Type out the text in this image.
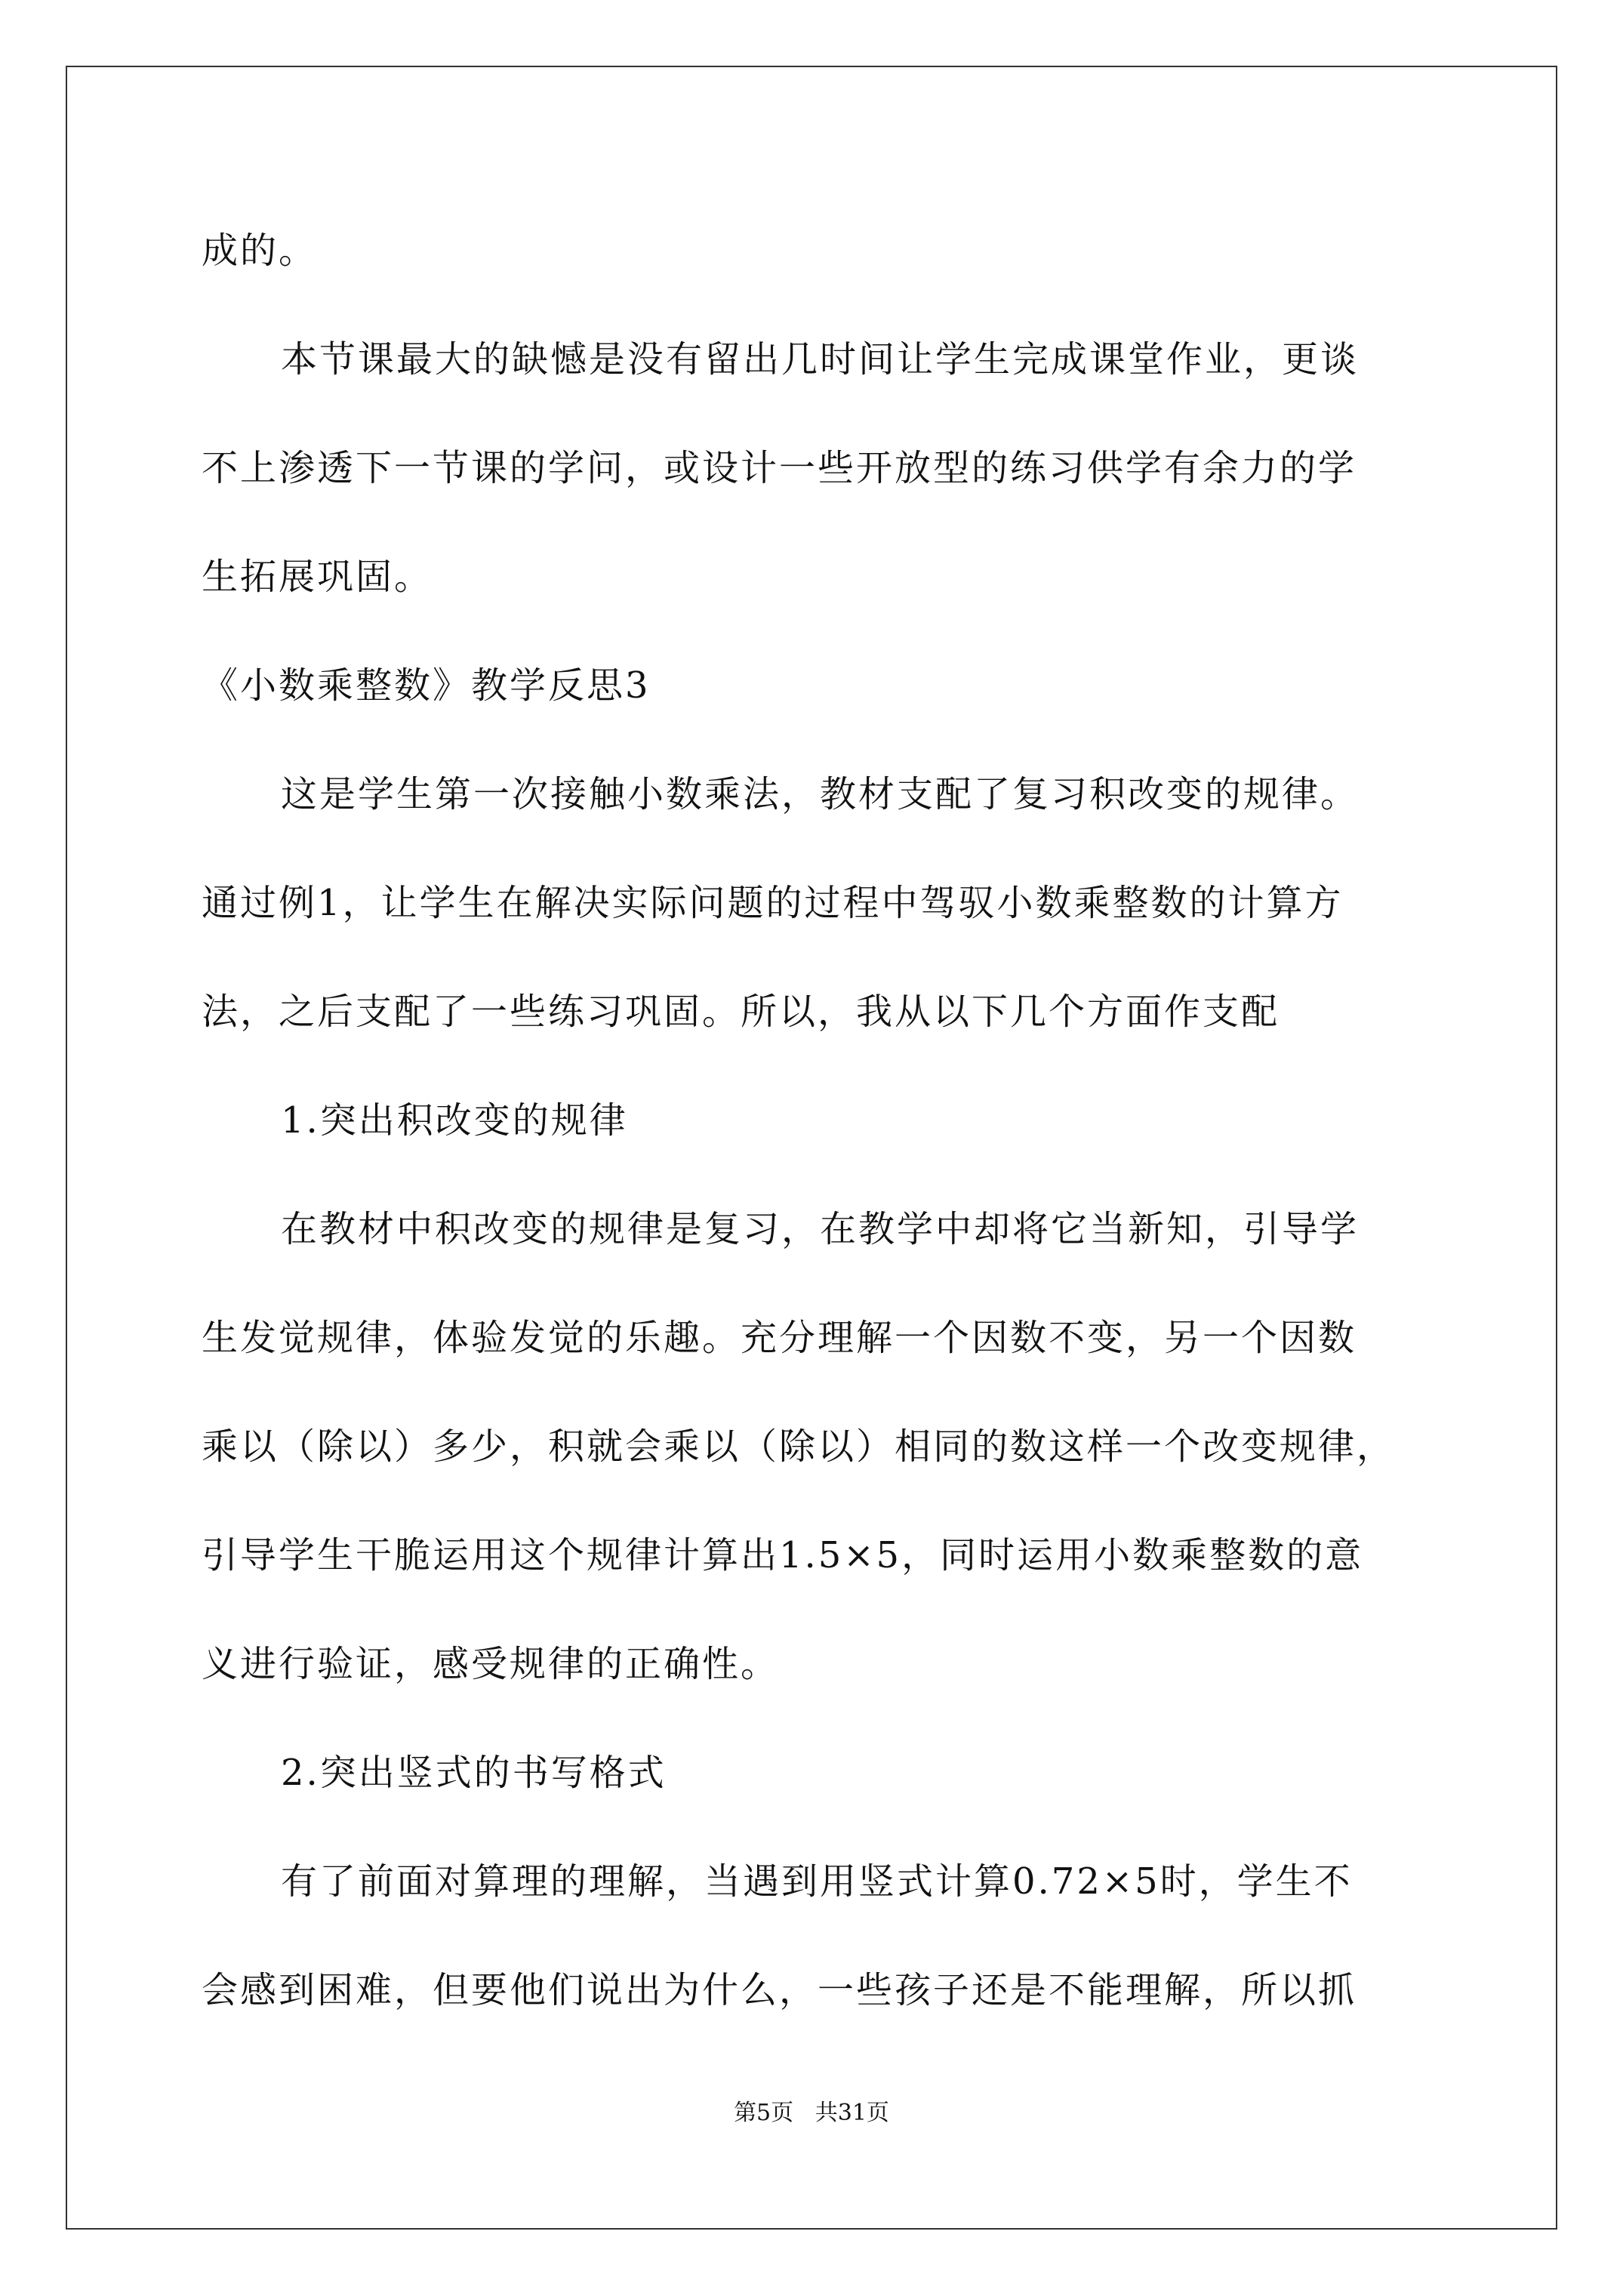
成的。
本节课最大的缺憾是没有留出几时间让学生完成课堂作业，更谈
不上渗透下一节课的学问，或设计一些开放型的练习供学有余力的学
生拓展巩固。
《小数乘整数》教学反思3
这是学生第一次接触小数乘法，教材支配了复习积改变的规律。
通过例1，让学生在解决实际问题的过程中驾驭小数乘整数的计算方
法，之后支配了一些练习巩固。所以，我从以下几个方面作支配
1.突出积改变的规律
在教材中积改变的规律是复习，在教学中却将它当新知，引导学
生发觉规律，体验发觉的乐趣。充分理解一个因数不变，另一个因数
乘以（除以）多少，积就会乘以（除以）相同的数这样一个改变规律，
引导学生干脆运用这个规律计算出1.5×5，同时运用小数乘整数的意
义进行验证，感受规律的正确性。
2.突出竖式的书写格式
有了前面对算理的理解，当遇到用竖式计算0.72×5时，学生不
会感到困难，但要他们说出为什么，一些孩子还是不能理解，所以抓
第5页   共31页
